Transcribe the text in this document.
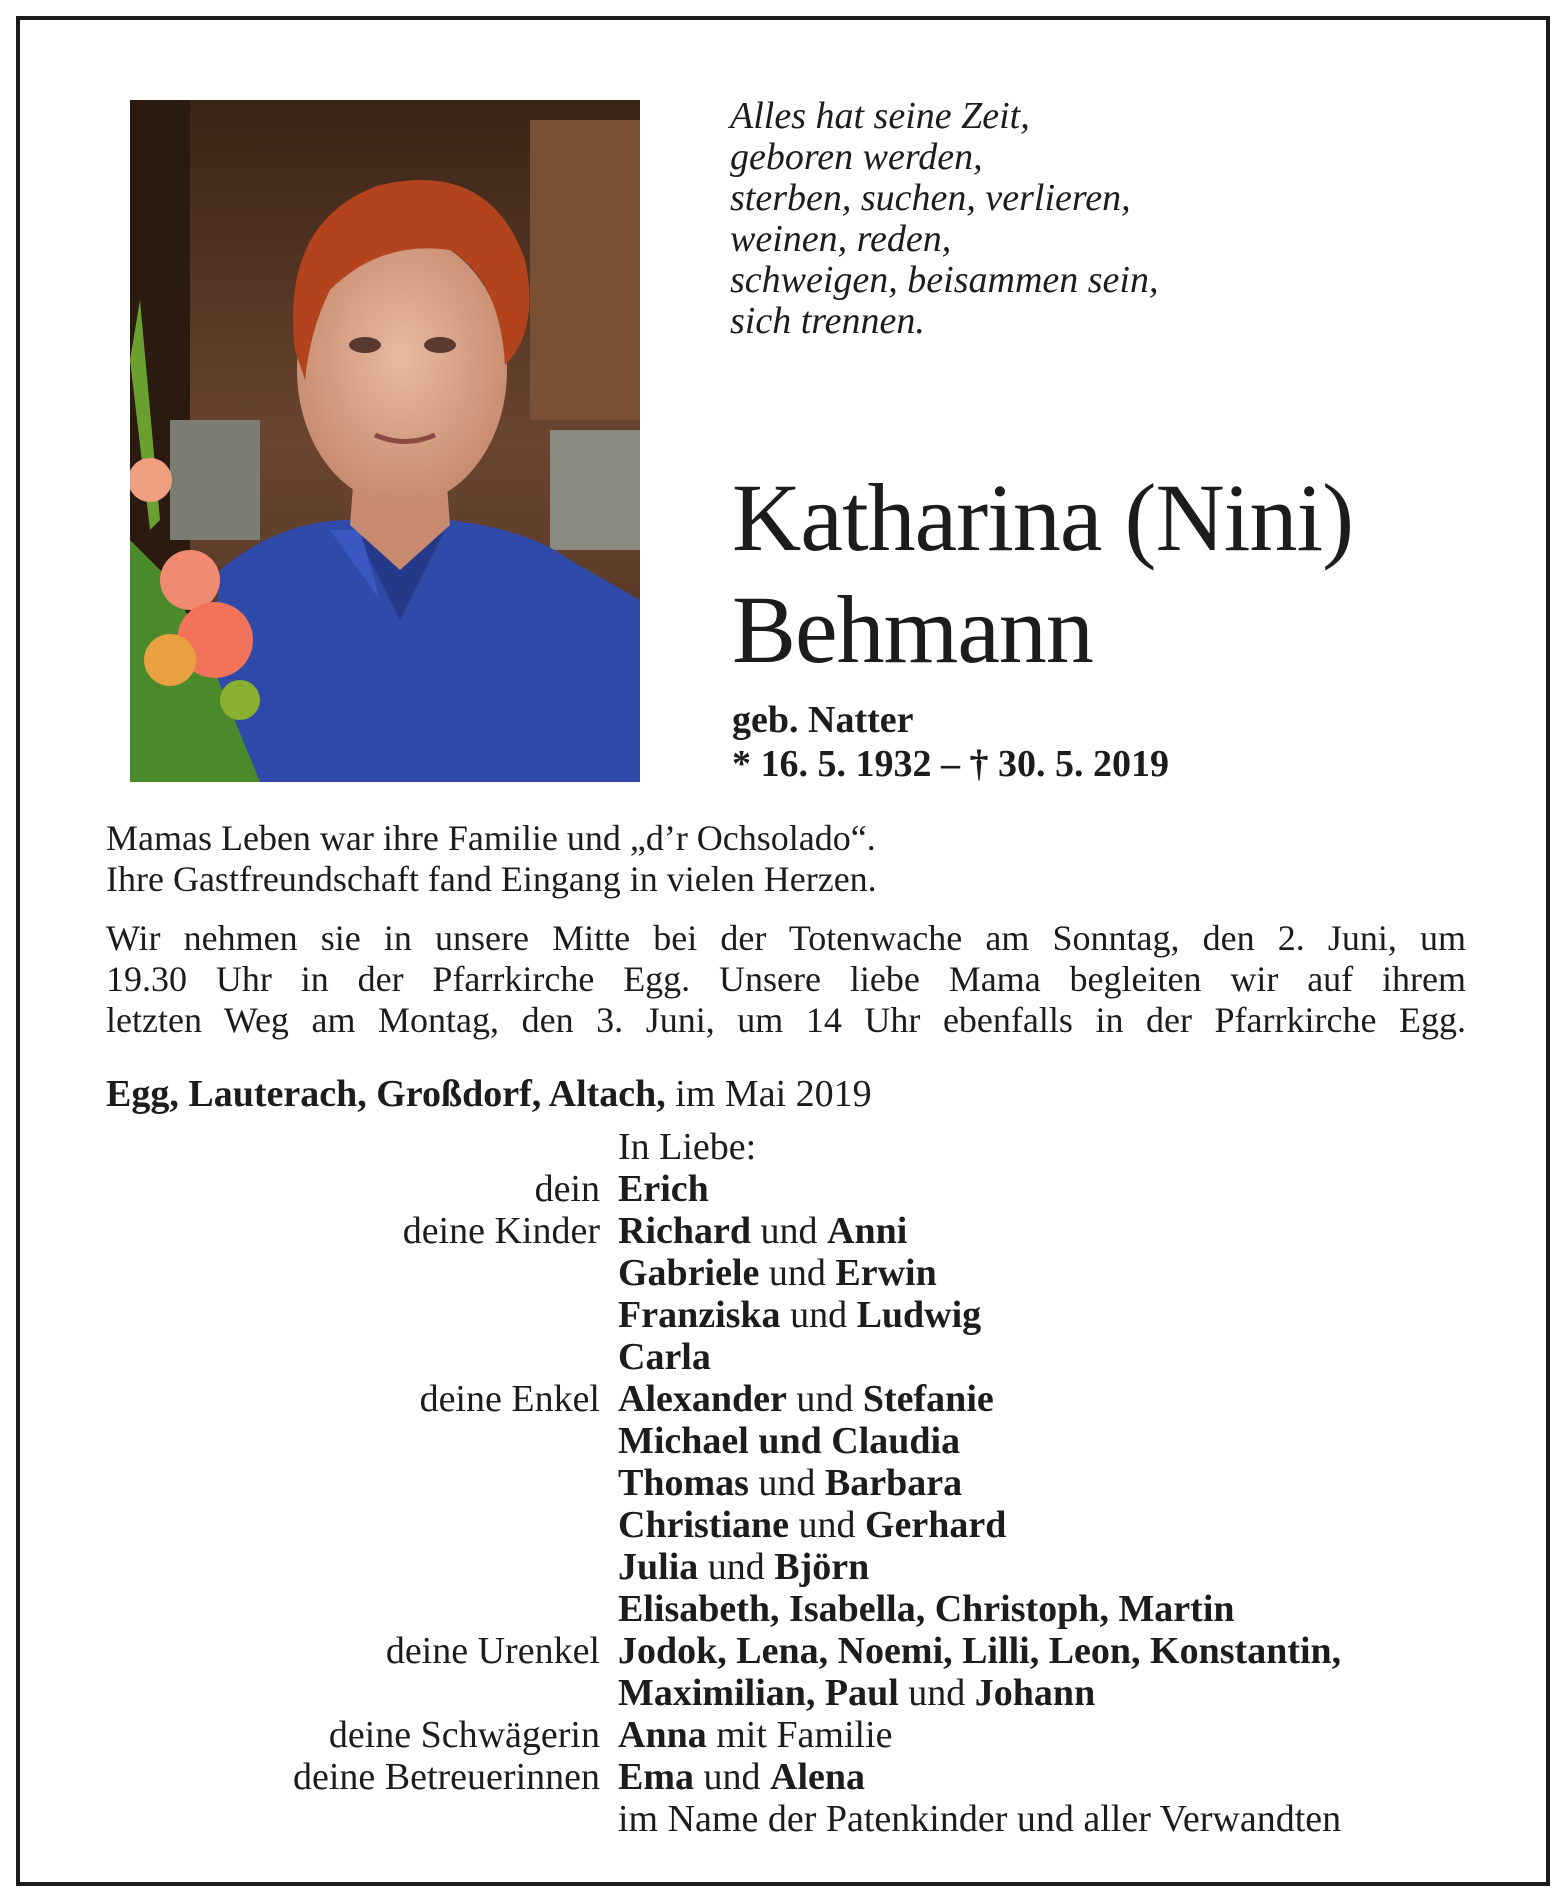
Alles hat seine Zeit,
geboren werden,
sterben, suchen, verlieren,
weinen, reden,
schweigen, beisammen sein,
sich trennen.
Katharina (Nini)
Behmann
geb. Natter
* 16. 5. 1932 – † 30. 5. 2019
Mamas Leben war ihre Familie und „d’r Ochsolado“.
Ihre Gastfreundschaft fand Eingang in vielen Herzen.
Wir nehmen sie in unsere Mitte bei der Totenwache am Sonntag, den 2. Juni, um
19.30 Uhr in der Pfarrkirche Egg. Unsere liebe Mama begleiten wir auf ihrem
letzten Weg am Montag, den 3. Juni, um 14 Uhr ebenfalls in der Pfarrkirche Egg.
Egg, Lauterach, Großdorf, Altach, im Mai 2019
In Liebe:
dein Erich
deine Kinder Richard und Anni
Gabriele und Erwin
Franziska und Ludwig
Carla
deine Enkel Alexander und Stefanie
Michael und Claudia
Thomas und Barbara
Christiane und Gerhard
Julia und Björn
Elisabeth, Isabella, Christoph, Martin
deine Urenkel Jodok, Lena, Noemi, Lilli, Leon, Konstantin,
Maximilian, Paul und Johann
deine Schwägerin Anna mit Familie
deine Betreuerinnen Ema und Alena
im Name der Patenkinder und aller Verwandten
